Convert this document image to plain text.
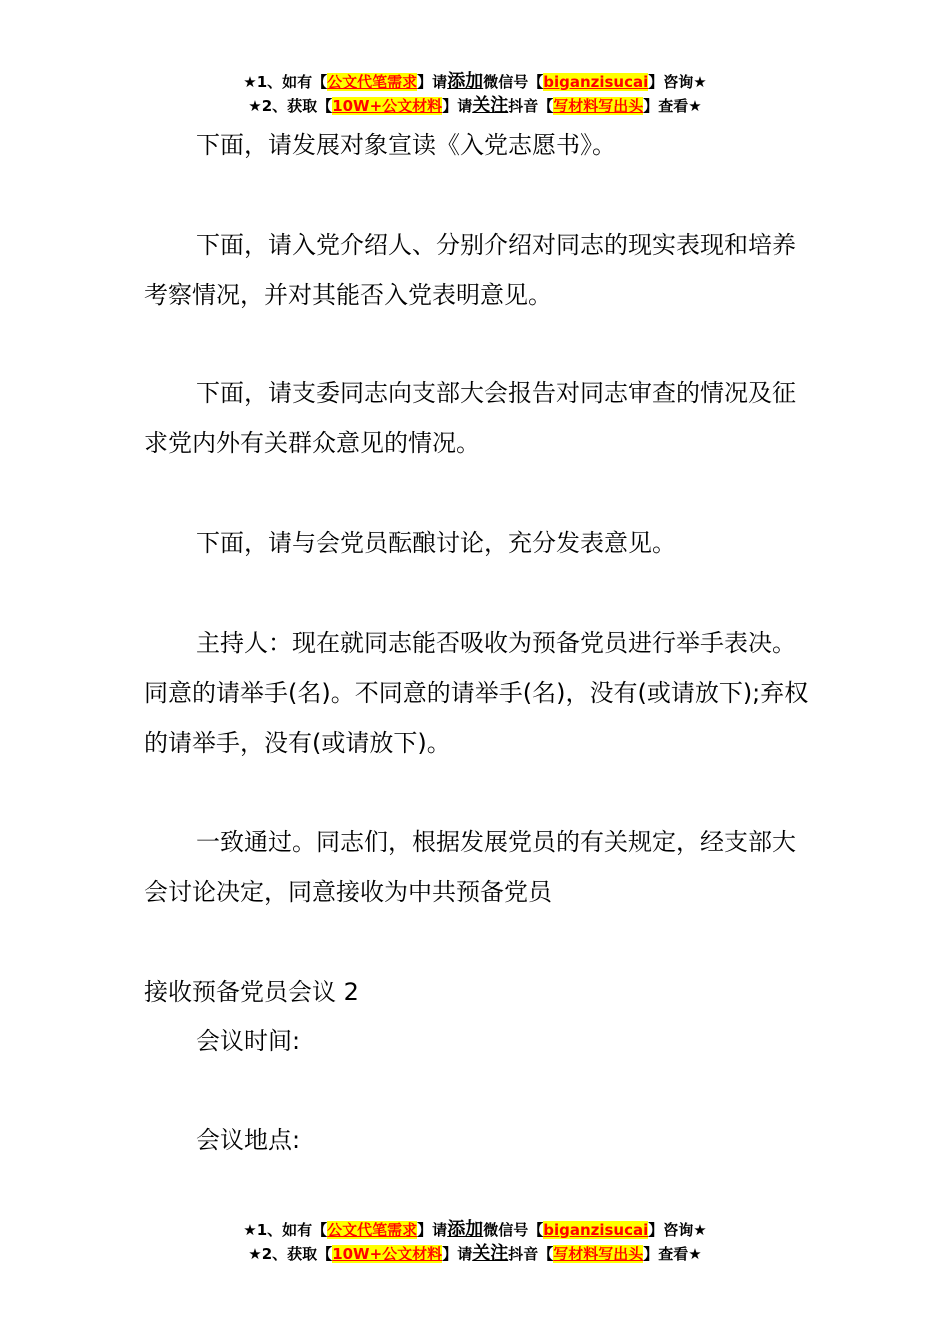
★1、如有【公文代笔需求】请添加微信号【biganzisucai】咨询★
★2、获取【10W+公文材料】请关注抖音【写材料写出头】查看★

下面，请发展对象宣读《入党志愿书》。

下面，请入党介绍人、分别介绍对同志的现实表现和培养考察情况，并对其能否入党表明意见。

下面，请支委同志向支部大会报告对同志审查的情况及征求党内外有关群众意见的情况。

下面，请与会党员酝酿讨论，充分发表意见。

主持人：现在就同志能否吸收为预备党员进行举手表决。同意的请举手(名)。不同意的请举手(名)，没有(或请放下);弃权的请举手，没有(或请放下)。

一致通过。同志们，根据发展党员的有关规定，经支部大会讨论决定，同意接收为中共预备党员

接收预备党员会议 2

会议时间:

会议地点:

★1、如有【公文代笔需求】请添加微信号【biganzisucai】咨询★
★2、获取【10W+公文材料】请关注抖音【写材料写出头】查看★
